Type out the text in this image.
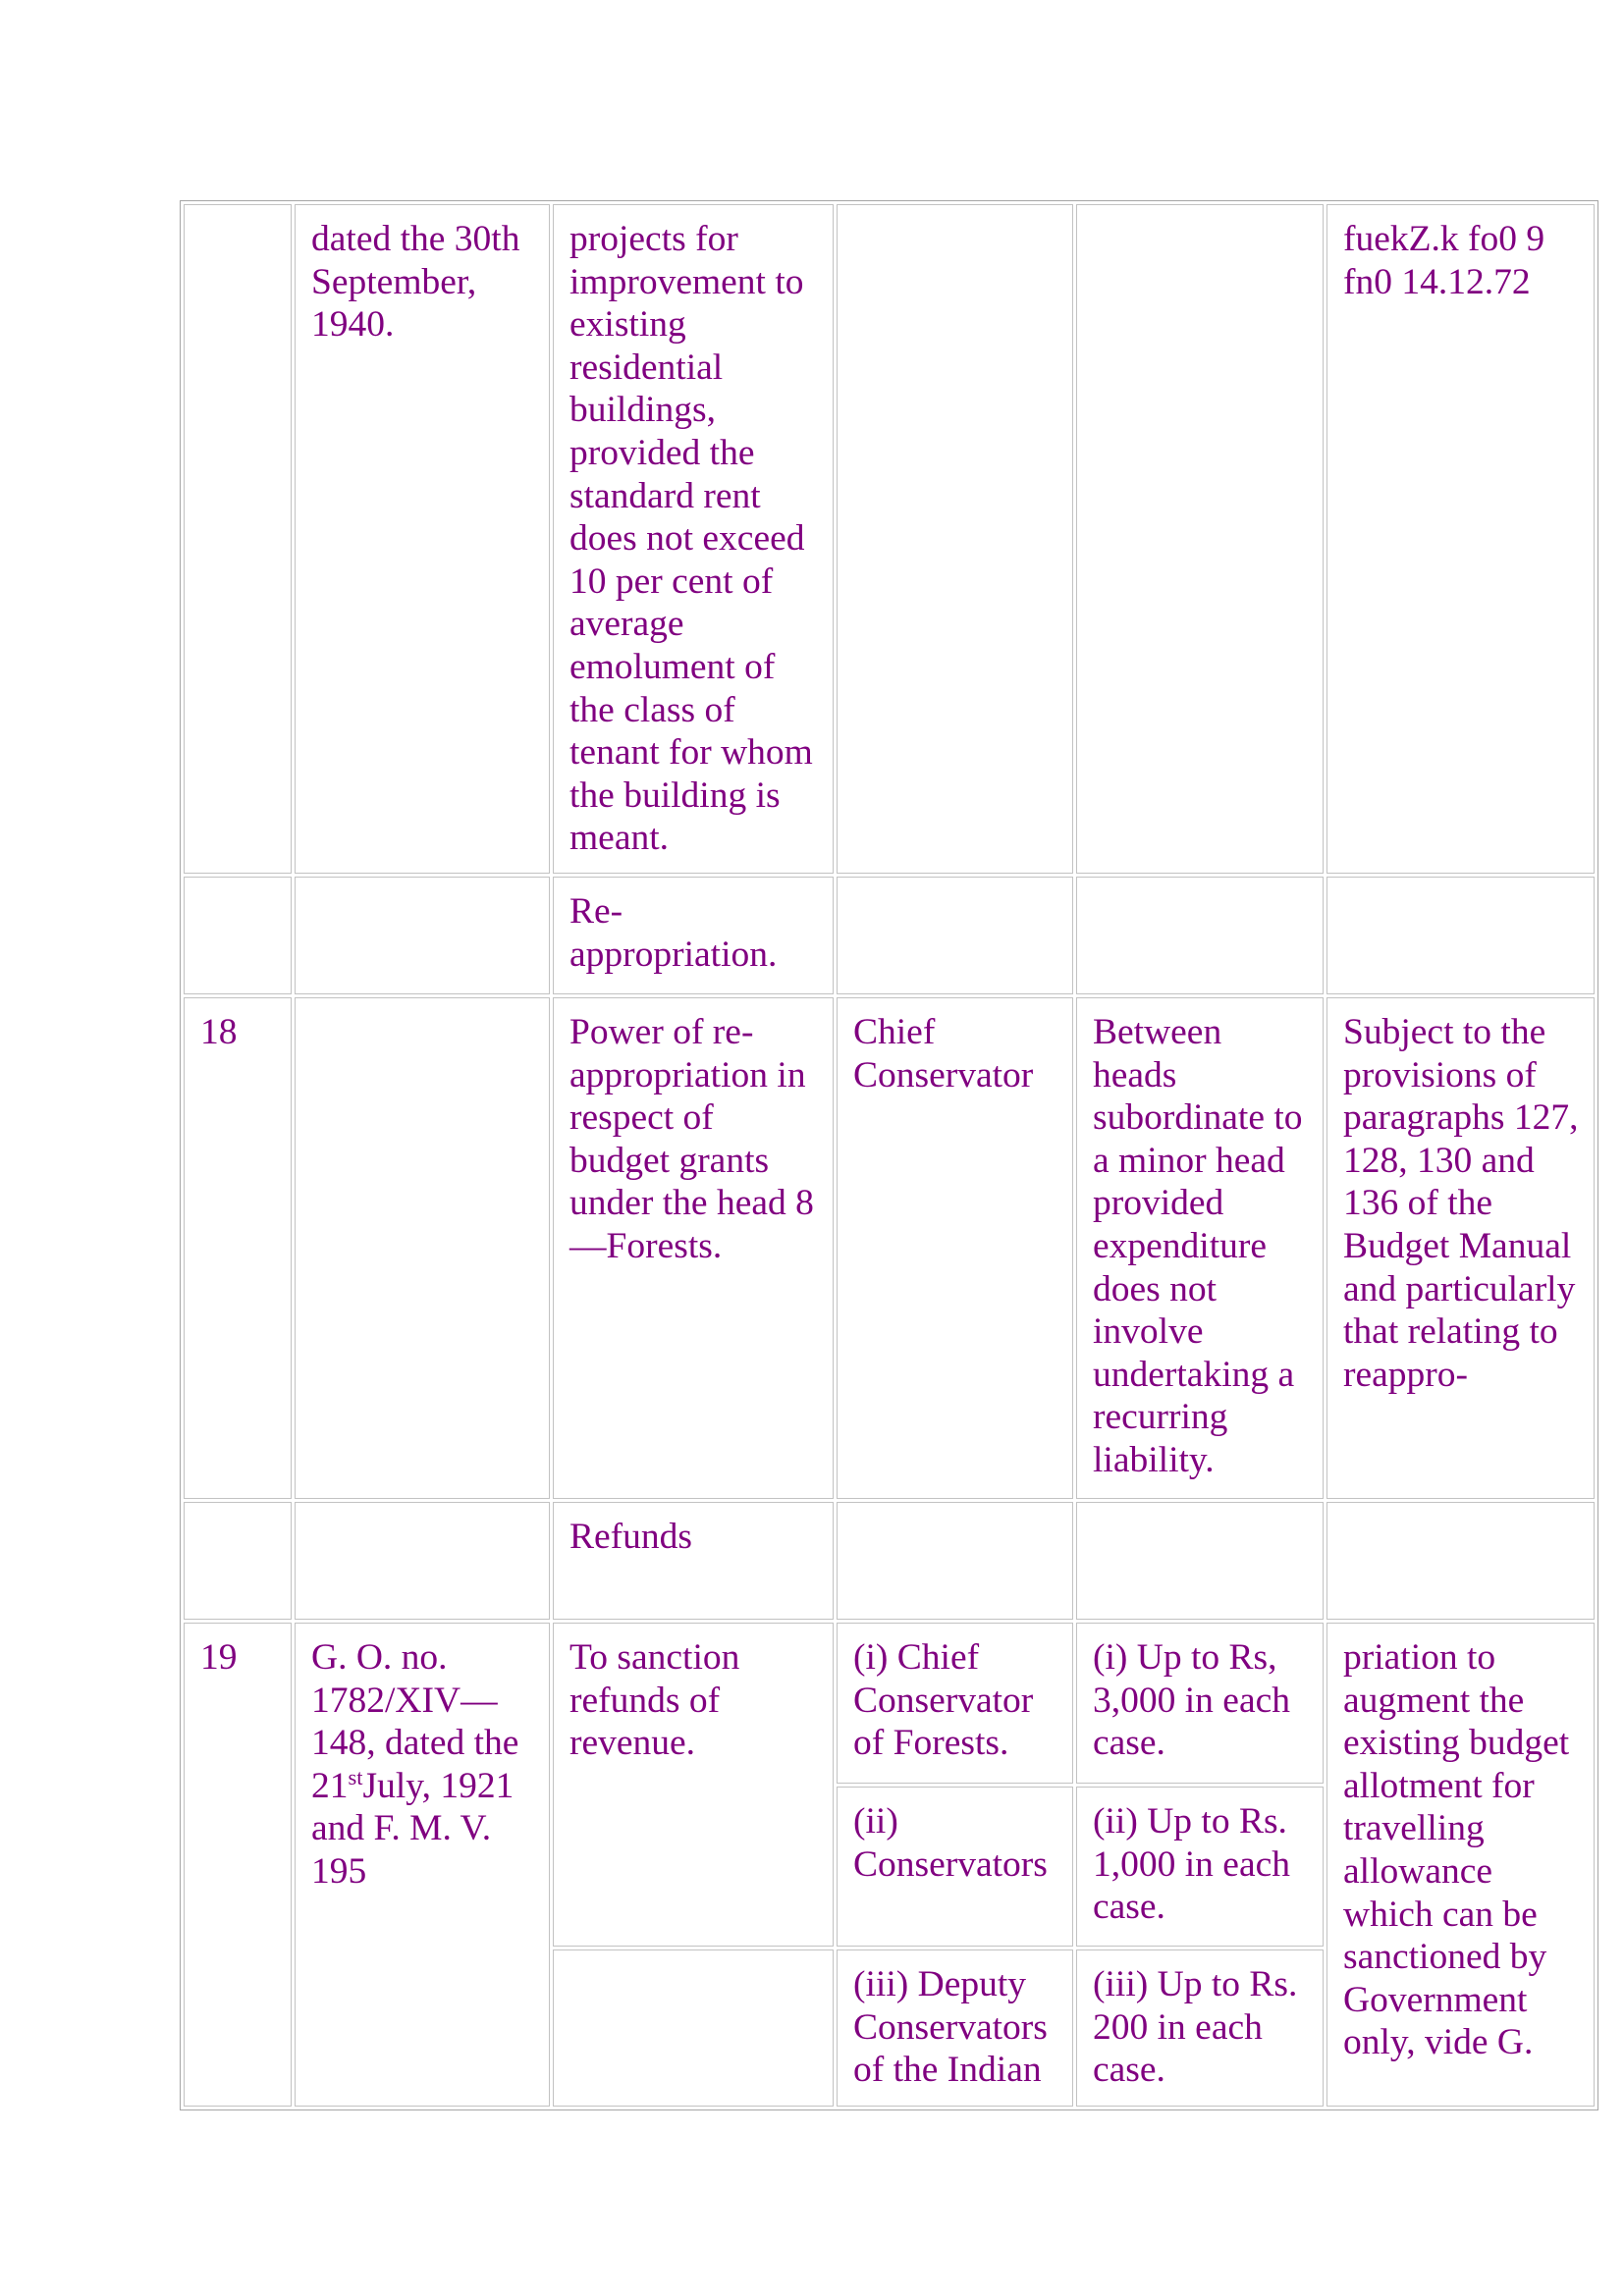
dated the 30th September, 1940.
projects for improvement to existing residential buildings, provided the standard rent does not exceed 10 per cent of average emolument of the class of tenant for whom the building is meant.
fuekZ.k fo0 9 fn0 14.12.72
Re-appropriation.
18	Power of re-appropriation in respect of budget grants under the head 8—Forests.
Chief Conservator
Between heads subordinate to a minor head provided expenditure does not involve undertaking a recurring liability.
Subject to the provisions of paragraphs 127, 128, 130 and 136 of the Budget Manual and particularly that relating to reappro-
Refunds
19	G. O. no. 1782/XIV—148, dated the 21stJuly, 1921 and F. M. V. 195
To sanction refunds of revenue.
(i) Chief Conservator of Forests.
(i) Up to Rs, 3,000 in each case.
priation to augment the existing budget allotment for travelling allowance which can be sanctioned by Government only, vide G.
(ii) Conservators
(ii) Up to Rs. 1,000 in each case.
(iii) Deputy Conservators of the Indian
(iii) Up to Rs. 200 in each case.
